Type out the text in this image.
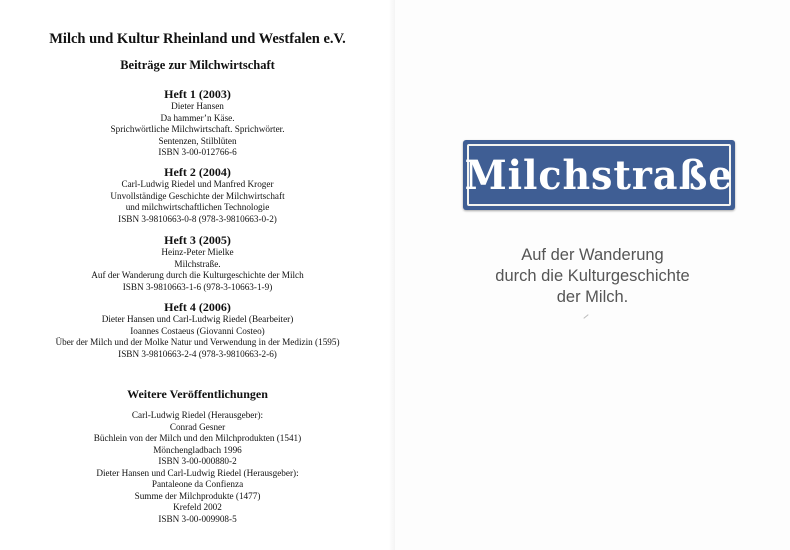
Milch und Kultur Rheinland und Westfalen e.V.
Beiträge zur Milchwirtschaft
Heft 1 (2003)
Dieter Hansen
Da hammer’n Käse.
Sprichwörtliche Milchwirtschaft. Sprichwörter.
Sentenzen, Stilblüten
ISBN 3-00-012766-6
Heft 2 (2004)
Carl-Ludwig Riedel und Manfred Kroger
Unvollständige Geschichte der Milchwirtschaft
und milchwirtschaftlichen Technologie
ISBN 3-9810663-0-8 (978-3-9810663-0-2)
Heft 3 (2005)
Heinz-Peter Mielke
Milchstraße.
Auf der Wanderung durch die Kulturgeschichte der Milch
ISBN 3-9810663-1-6 (978-3-10663-1-9)
Heft 4 (2006)
Dieter Hansen und Carl-Ludwig Riedel (Bearbeiter)
Ioannes Costaeus (Giovanni Costeo)
Über der Milch und der Molke Natur und Verwendung in der Medizin (1595)
ISBN 3-9810663-2-4 (978-3-9810663-2-6)
Weitere Veröffentlichungen
Carl-Ludwig Riedel (Herausgeber):
Conrad Gesner
Büchlein von der Milch und den Milchprodukten (1541)
Mönchengladbach 1996
ISBN 3-00-000880-2
Dieter Hansen und Carl-Ludwig Riedel (Herausgeber):
Pantaleone da Confienza
Summe der Milchprodukte (1477)
Krefeld 2002
ISBN 3-00-009908-5
Milchstraße
Auf der Wanderung
durch die Kulturgeschichte
der Milch.
